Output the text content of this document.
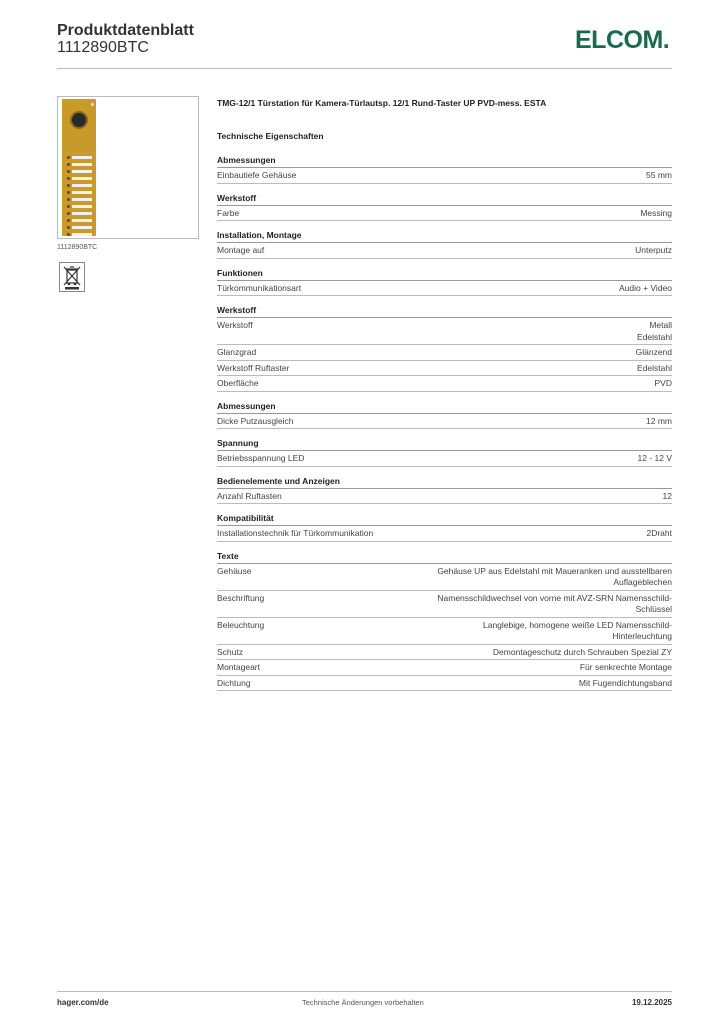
Produktdatenblatt
1112890BTC	ELCOM.
1112890BTC
TMG-12/1 Türstation für Kamera-Türlautsp. 12/1 Rund-Taster UP PVD-mess. ESTA
Technische Eigenschaften
Abmessungen
Einbautiefe Gehäuse	55 mm
Werkstoff
Farbe	Messing
Installation, Montage
Montage auf	Unterputz
Funktionen
Türkommunikationsart	Audio + Video
Werkstoff
Werkstoff	Metall
Edelstahl
Glanzgrad	Glänzend
Werkstoff Ruftaster	Edelstahl
Oberfläche	PVD
Abmessungen
Dicke Putzausgleich	12 mm
Spannung
Betriebsspannung LED	12 - 12 V
Bedienelemente und Anzeigen
Anzahl Ruftasten	12
Kompatibilität
Installationstechnik für Türkommunikation	2Draht
Texte
Gehäuse	Gehäuse UP aus Edelstahl mit Maueranken und ausstellbaren
Auflageblechen
Beschriftung	Namensschildwechsel von vorne mit AVZ-SRN Namensschild-
Schlüssel
Beleuchtung	Langlebige, homogene weiße LED Namensschild-
Hinterleuchtung
Schutz	Demontageschutz durch Schrauben Spezial ZY
Montageart	Für senkrechte Montage
Dichtung	Mit Fugendichtungsband
hager.com/de	Technische Änderungen vorbehalten	19.12.2025
